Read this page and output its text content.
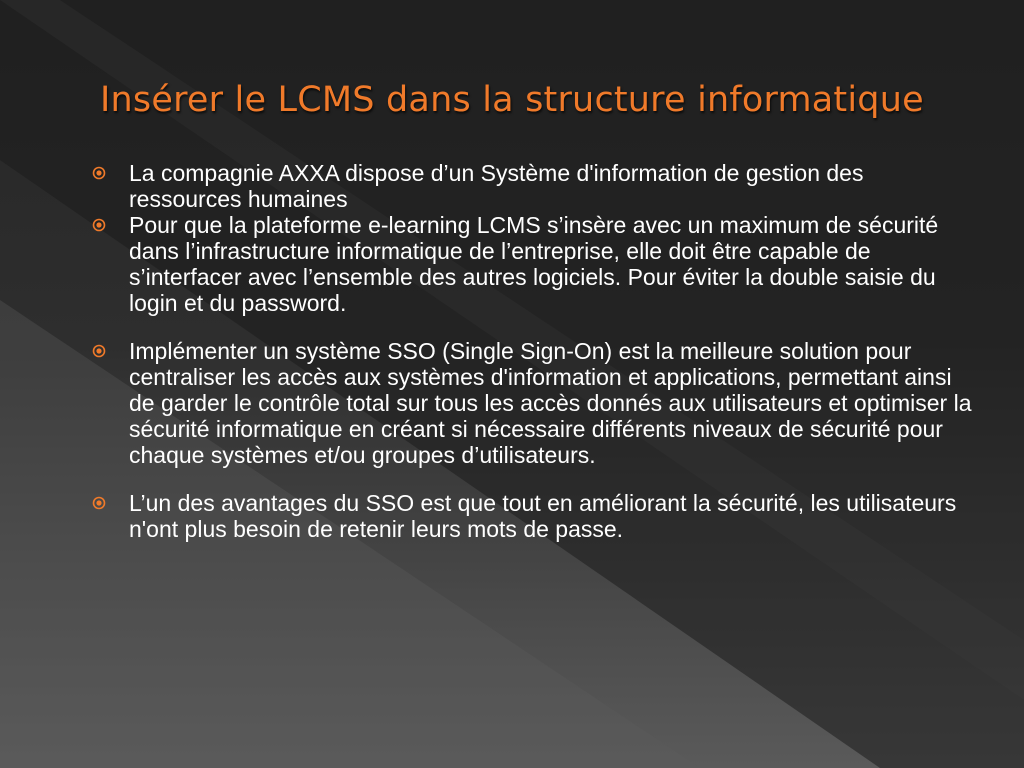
Insérer le LCMS dans la structure informatique
La compagnie AXXA dispose d’un Système d'information de gestion des ressources humaines
Pour que la plateforme e-learning LCMS s’insère avec un maximum de sécurité dans l’infrastructure informatique de l’entreprise, elle doit être capable de s’interfacer avec l’ensemble des autres logiciels. Pour éviter la double saisie du login et du password.
Implémenter un système SSO (Single Sign-On) est la meilleure solution pour centraliser les accès aux systèmes d'information et applications, permettant ainsi de garder le contrôle total sur tous les accès donnés aux utilisateurs et optimiser la sécurité informatique en créant si nécessaire différents niveaux de sécurité pour chaque systèmes et/ou groupes d’utilisateurs.
L’un des avantages du SSO est que tout en améliorant la sécurité, les utilisateurs n'ont plus besoin de retenir leurs mots de passe.
